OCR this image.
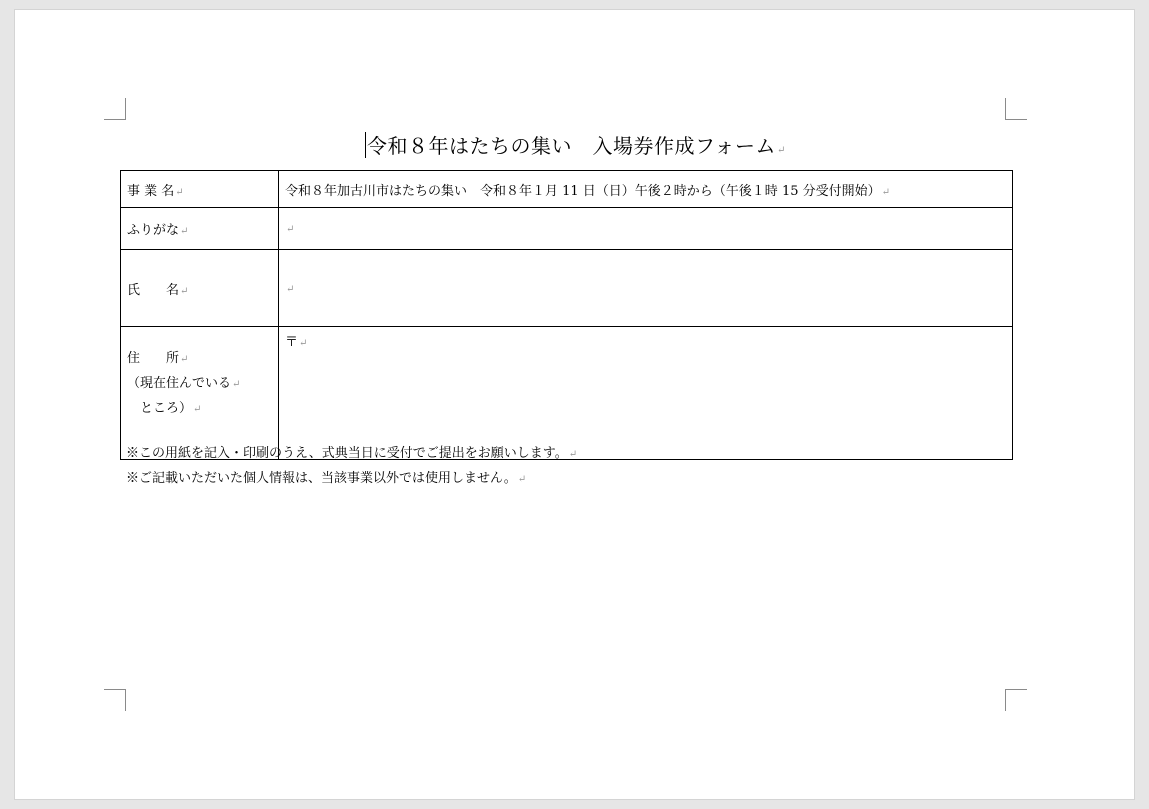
令和８年はたちの集い　入場券作成フォーム↵
事 業 名↵	令和８年加古川市はたちの集い　令和８年１月 11 日（日）午後２時から（午後１時 15 分受付開始）↵
ふりがな↵	↵
氏　　名↵	↵

住　　所↵
（現在住んでいる↵
　ところ）↵	〒↵
※この用紙を記入・印刷のうえ、式典当日に受付でご提出をお願いします。↵
※ご記載いただいた個人情報は、当該事業以外では使用しません。↵
